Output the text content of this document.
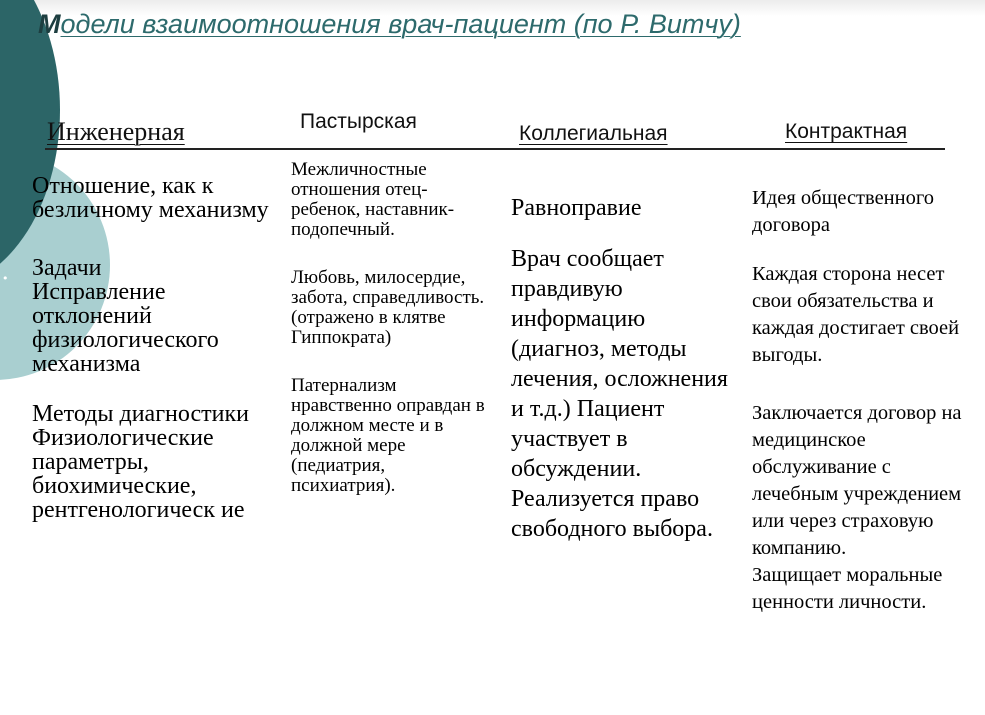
•
Модели взаимоотношения врач-пациент (по Р. Витчу)
Инженерная	Пастырская
Коллегиальная	Контрактная

Отношение, как к безличному механизму

Задачи

Исправление отклонений физиологического механизма

Методы диагностики

Физиологические параметры, биохимические, рентгенологическ ие

Межличностные отношения отец-ребенок, наставник-подопечный.

Любовь, милосердие, забота, справедливость. (отражено в клятве Гиппократа)

Патернализм нравственно оправдан в должном месте и в должной мере (педиатрия, психиатрия).

Равноправие

Врач сообщает правдивую информацию (диагноз, методы лечения, осложнения и т.д.) Пациент участвует в обсуждении.

Реализуется право свободного выбора.

Идея общественного договора

Каждая сторона несет свои обязательства и каждая достигает своей выгоды.

Заключается договор на медицинское обслуживание с лечебным учреждением или через страховую компанию.

Защищает моральные ценности личности.
